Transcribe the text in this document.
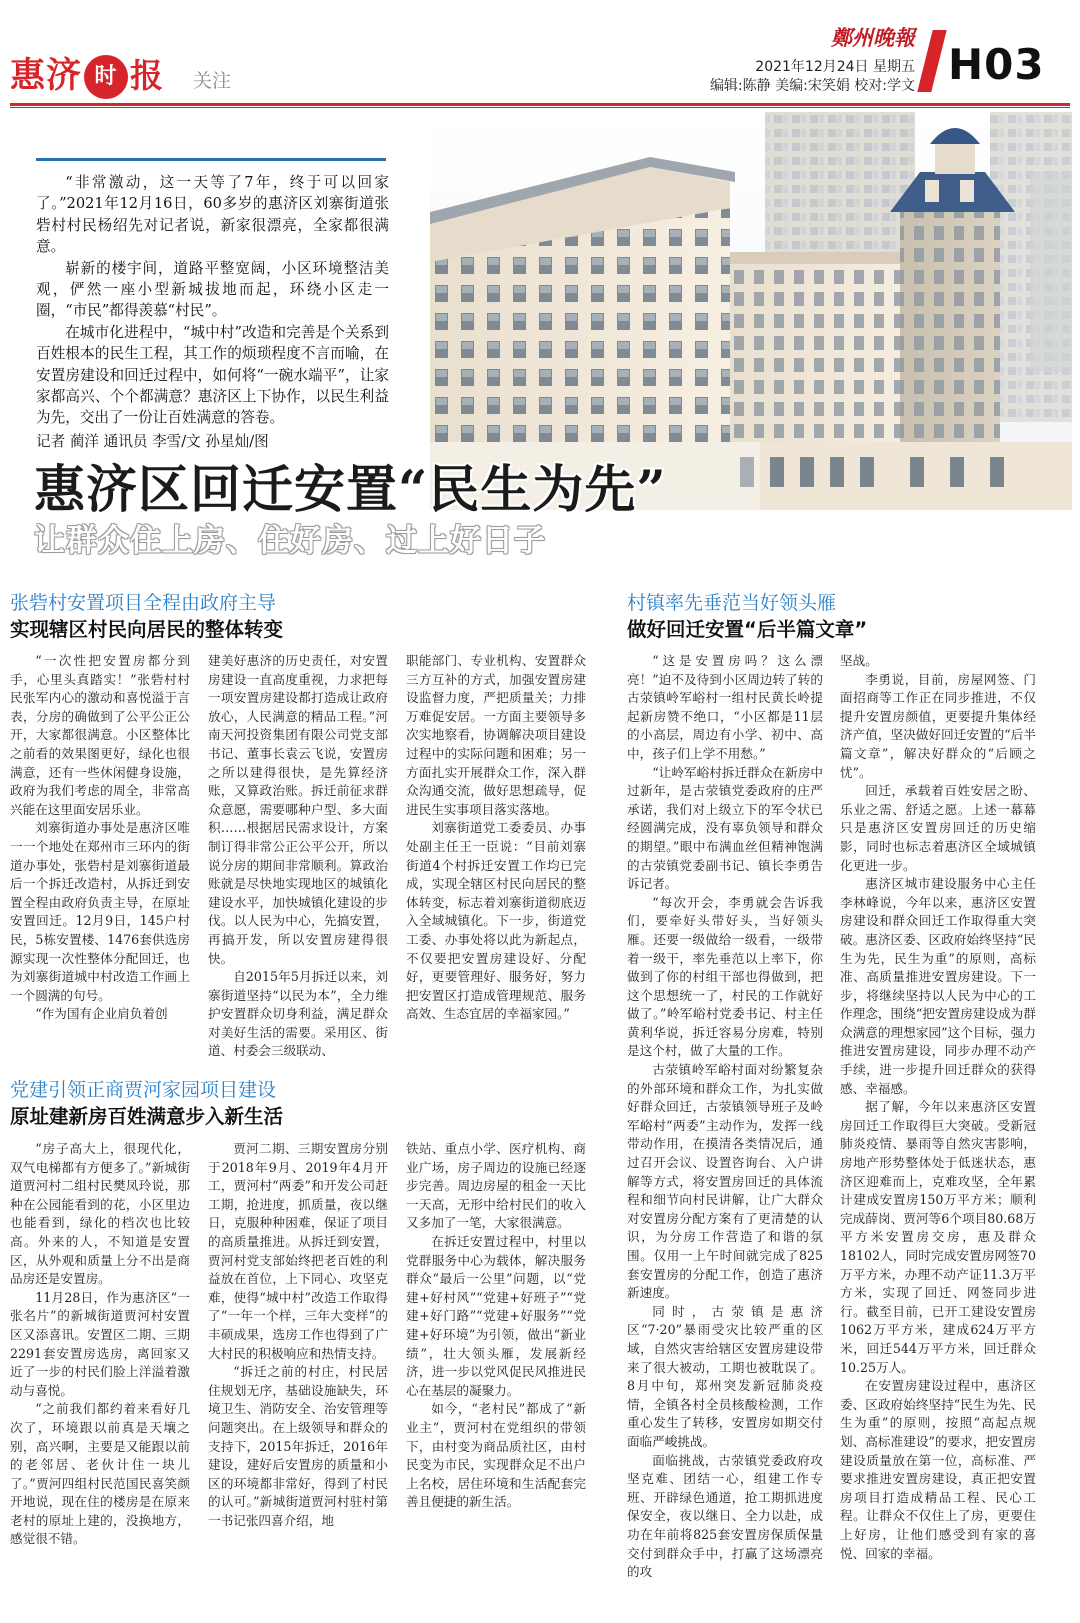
惠济 时 报 关注
鄭州晚報
2021年12月24日 星期五
编辑:陈静 美编:宋笑娟 校对:学文 H03

“非常激动，这一天等了7年，终于可以回家了。”2021年12月16日，60多岁的惠济区刘寨街道张砦村村民杨绍先对记者说，新家很漂亮，全家都很满意。

崭新的楼宇间，道路平整宽阔，小区环境整洁美观，俨然一座小型新城拔地而起，环绕小区走一圈，“市民”都得羡慕“村民”。

在城市化进程中，“城中村”改造和完善是个关系到百姓根本的民生工程，其工作的烦琐程度不言而喻，在安置房建设和回迁过程中，如何将“一碗水端平”，让家家都高兴、个个都满意？惠济区上下协作，以民生利益为先，交出了一份让百姓满意的答卷。

记者 蔺洋 通讯员 李雪/文 孙星灿/图
惠济区回迁安置“民生为先”
让群众住上房、住好房、过上好日子
张砦村安置项目全程由政府主导
实现辖区村民向居民的整体转变

“一次性把安置房都分到手，心里头真踏实！”张砦村村民张军内心的激动和喜悦溢于言表，分房的确做到了公平公正公开，大家都很满意。小区整体比之前看的效果图更好，绿化也很满意，还有一些休闲健身设施，政府为我们考虑的周全，非常高兴能在这里面安居乐业。

刘寨街道办事处是惠济区唯一一个地处在郑州市三环内的街道办事处，张砦村是刘寨街道最后一个拆迁改造村，从拆迁到安置全程由政府负责主导，在原址安置回迁。12月9日，145户村民，5栋安置楼、1476套供选房源实现一次性整体分配回迁，也为刘寨街道城中村改造工作画上一个圆满的句号。

“作为国有企业肩负着创

建美好惠济的历史责任，对安置房建设一直高度重视，力求把每一项安置房建设都打造成让政府放心，人民满意的精品工程。”河南天河投资集团有限公司党支部书记、董事长袁云飞说，安置房之所以建得很快，是先算经济账，又算政治账。拆迁前征求群众意愿，需要哪种户型、多大面积……根据居民需求设计，方案制订得非常公正公平公开，所以说分房的期间非常顺利。算政治账就是尽快地实现地区的城镇化建设水平，加快城镇化建设的步伐。以人民为中心，先搞安置，再搞开发，所以安置房建得很快。

自2015年5月拆迁以来，刘寨街道坚持“以民为本”，全力维护安置群众切身利益，满足群众对美好生活的需要。采用区、街道、村委会三级联动、

职能部门、专业机构、安置群众三方互补的方式，加强安置房建设监督力度，严把质量关；力排万难促安居。一方面主要领导多次实地察看，协调解决项目建设过程中的实际问题和困难；另一方面扎实开展群众工作，深入群众沟通交流，做好思想疏导，促进民生实事项目落实落地。

刘寨街道党工委委员、办事处副主任王一臣说：“目前刘寨街道4个村拆迁安置工作均已完成，实现全辖区村民向居民的整体转变，标志着刘寨街道彻底迈入全域城镇化。下一步，街道党工委、办事处将以此为新起点，不仅要把安置房建设好、分配好，更要管理好、服务好，努力把安置区打造成管理规范、服务高效、生态宜居的幸福家园。”

党建引领正商贾河家园项目建设
原址建新房百姓满意步入新生活

“房子高大上，很现代化，双气电梯都有方便多了。”新城街道贾河村二组村民樊凤玲说，那种在公园能看到的花，小区里边也能看到，绿化的档次也比较高。外来的人，不知道是安置区，从外观和质量上分不出是商品房还是安置房。

11月28日，作为惠济区“一张名片”的新城街道贾河村安置区又添喜讯。安置区二期、三期2291套安置房选房，离回家又近了一步的村民们脸上洋溢着激动与喜悦。

“之前我们都约着来看好几次了，环境跟以前真是天壤之别，高兴啊，主要是又能跟以前的老邻居、老伙计住一块儿了。”贾河四组村民范国民喜笑颜开地说，现在住的楼房是在原来老村的原址上建的，没换地方，感觉很不错。

贾河二期、三期安置房分别于2018年9月、2019年4月开工，贾河村“两委”和开发公司赶工期，抢进度，抓质量，夜以继日，克服种种困难，保证了项目的高质量推进。从拆迁到安置，贾河村党支部始终把老百姓的利益放在首位，上下同心、攻坚克难，使得“城中村”改造工作取得了“一年一个样，三年大变样”的丰硕成果，选房工作也得到了广大村民的积极响应和热情支持。

“拆迁之前的村庄，村民居住规划无序，基础设施缺失，环境卫生、消防安全、治安管理等问题突出。在上级领导和群众的支持下，2015年拆迁，2016年建设，建好后安置房的质量和小区的环境都非常好，得到了村民的认可。”新城街道贾河村驻村第一书记张四喜介绍，地

铁站、重点小学、医疗机构、商业广场，房子周边的设施已经逐步完善。周边房屋的租金一天比一天高，无形中给村民们的收入又多加了一笔，大家很满意。

在拆迁安置过程中，村里以党群服务中心为载体，解决服务群众“最后一公里”问题，以“党建+好村风”“党建+好班子”“党建+好门路”“党建+好服务”“党建+好环境”为引领，做出“新业绩”，壮大领头雁，发展新经济，进一步以党风促民风推进民心在基层的凝聚力。

如今，“老村民”都成了“新业主”，贾河村在党组织的带领下，由村变为商品质社区，由村民变为市民，实现群众足不出户上名校，居住环境和生活配套完善且便捷的新生活。

村镇率先垂范当好领头雁
做好回迁安置“后半篇文章”

“这是安置房吗？这么漂亮！”迫不及待到小区周边转了转的古荥镇岭军峪村一组村民黄长岭提起新房赞不绝口，“小区都是11层的小高层，周边有小学、初中、高中，孩子们上学不用愁。”

“让岭军峪村拆迁群众在新房中过新年，是古荥镇党委政府的庄严承诺，我们对上级立下的军令状已经圆满完成，没有辜负领导和群众的期望。”眼中布满血丝但精神饱满的古荥镇党委副书记、镇长李勇告诉记者。

“每次开会，李勇就会告诉我们，要牵好头带好头，当好领头雁。还要一级做给一级看，一级带着一级干，率先垂范以上率下，你做到了你的村组干部也得做到，把这个思想统一了，村民的工作就好做了。”岭军峪村党委书记、村主任黄利华说，拆迁容易分房难，特别是这个村，做了大量的工作。

古荥镇岭军峪村面对纷繁复杂的外部环境和群众工作，为扎实做好群众回迁，古荥镇领导班子及岭军峪村“两委”主动作为，发挥一线带动作用，在摸清各类情况后，通过召开会议、设置咨询台、入户讲解等方式，将安置房回迁的具体流程和细节向村民讲解，让广大群众对安置房分配方案有了更清楚的认识，为分房工作营造了和谐的氛围。仅用一上午时间就完成了825套安置房的分配工作，创造了惠济新速度。

同时，古荥镇是惠济区“7·20”暴雨受灾比较严重的区域，自然灾害给辖区安置房建设带来了很大被动，工期也被耽误了。8月中旬，郑州突发新冠肺炎疫情，全镇各村全员核酸检测，工作重心发生了转移，安置房如期交付面临严峻挑战。

面临挑战，古荥镇党委政府攻坚克难、团结一心，组建工作专班、开辟绿色通道，抢工期抓进度保安全，夜以继日、全力以赴，成功在年前将825套安置房保质保量交付到群众手中，打赢了这场漂亮的攻

坚战。

李勇说，目前，房屋网签、门面招商等工作正在同步推进，不仅提升安置房颜值，更要提升集体经济产值，坚决做好回迁安置的“后半篇文章”，解决好群众的“后顾之忧”。

回迁，承载着百姓安居之盼、乐业之需、舒适之愿。上述一幕幕只是惠济区安置房回迁的历史缩影，同时也标志着惠济区全域城镇化更进一步。

惠济区城市建设服务中心主任李林峰说，今年以来，惠济区安置房建设和群众回迁工作取得重大突破。惠济区委、区政府始终坚持“民生为先，民生为重”的原则，高标准、高质量推进安置房建设。下一步，将继续坚持以人民为中心的工作理念，围绕“把安置房建设成为群众满意的理想家园”这个目标，强力推进安置房建设，同步办理不动产手续，进一步提升回迁群众的获得感、幸福感。

据了解，今年以来惠济区安置房回迁工作取得巨大突破。受新冠肺炎疫情、暴雨等自然灾害影响，房地产形势整体处于低迷状态，惠济区迎难而上，克难攻坚，全年累计建成安置房150万平方米；顺利完成薛岗、贾河等6个项目80.68万平方米安置房交房，惠及群众18102人，同时完成安置房网签70万平方米，办理不动产证11.3万平方米，实现了回迁、网签同步进行。截至目前，已开工建设安置房1062万平方米，建成624万平方米，回迁544万平方米，回迁群众10.25万人。

在安置房建设过程中，惠济区委、区政府始终坚持“民生为先、民生为重”的原则，按照“高起点规划、高标准建设”的要求，把安置房建设质量放在第一位，高标准、严要求推进安置房建设，真正把安置房项目打造成精品工程、民心工程。让群众不仅住上了房，更要住上好房，让他们感受到有家的喜悦、回家的幸福。
